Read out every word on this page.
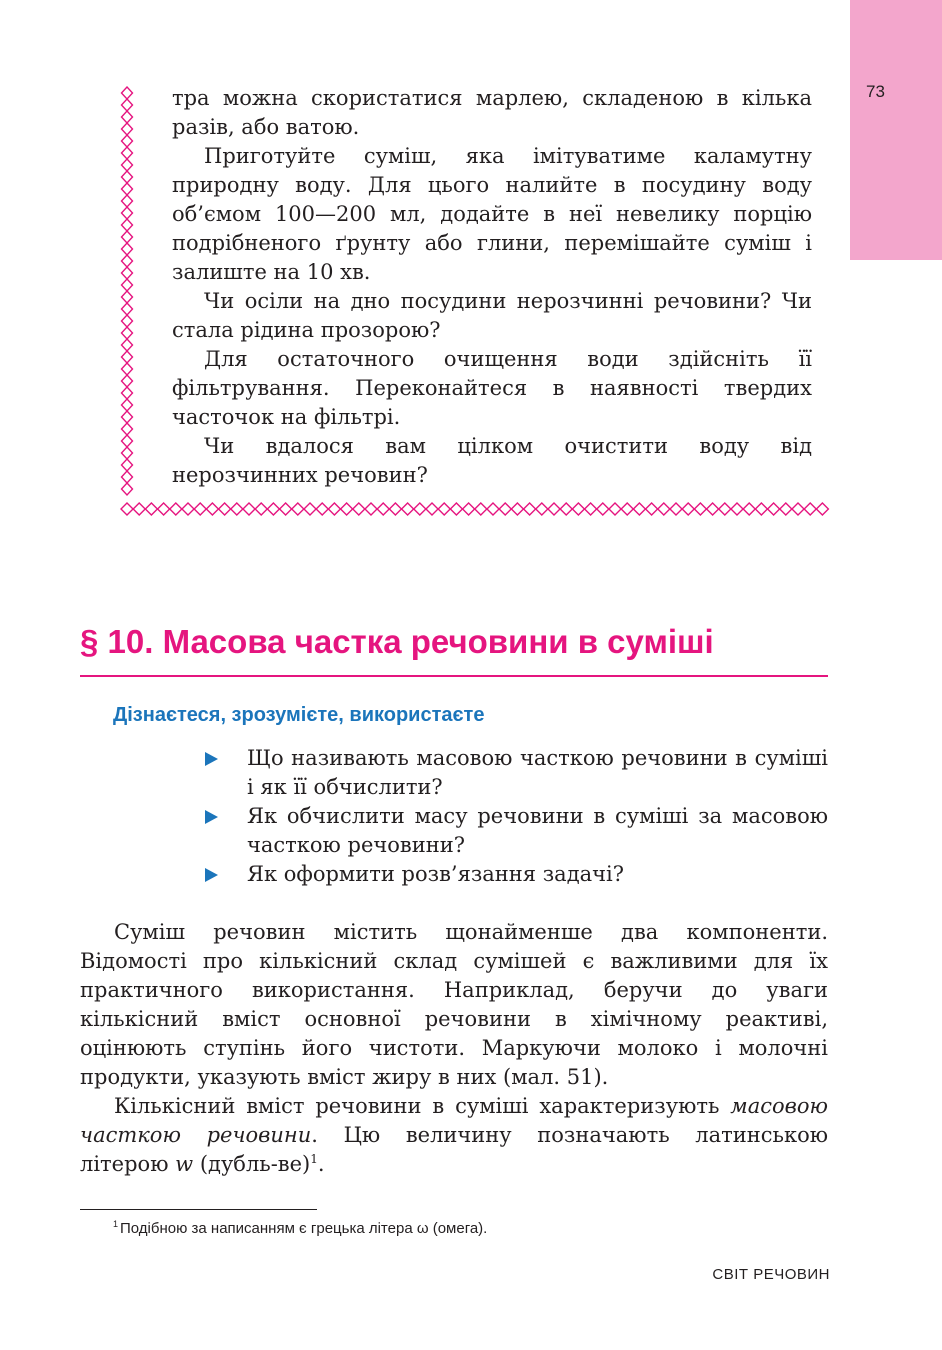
73

тра можна скористатися марлею, складеною в кілька разів, або ватою.

Приготуйте суміш, яка імітуватиме каламутну природну воду. Для цього налийте в посудину воду об’ємом 100—200 мл, додайте в неї невелику порцію подрібненого ґрунту або глини, перемішайте суміш і залиште на 10 хв.

Чи осіли на дно посудини нерозчинні речовини? Чи стала рідина прозорою?

Для остаточного очищення води здійсніть її фільтрування. Переконайтеся в наявності твердих часточок на фільтрі.

Чи вдалося вам цілком очистити воду від нерозчинних речовин?

§ 10. Масова частка речовини в суміші
Дізнаєтеся, зрозумієте, використаєте
Що називають масовою часткою речовини в суміші і як її обчислити?
Як обчислити масу речовини в суміші за масовою часткою речовини?
Як оформити розв’язання задачі?

Суміш речовин містить щонайменше два компоненти. Відомості про кількісний склад сумішей є важливими для їх практичного використання. Наприклад, беручи до уваги кількісний вміст основної речовини в хімічному реактиві, оцінюють ступінь його чистоти. Маркуючи молоко і молочні продукти, указують вміст жиру в них (мал. 51).

Кількісний вміст речовини в суміші характеризують масовою часткою речовини. Цю величину позначають латинською літерою w (дубль-ве)$^1$.

$^1$ Подібною за написанням є грецька літера ω (омега).
СВІТ РЕЧОВИН
